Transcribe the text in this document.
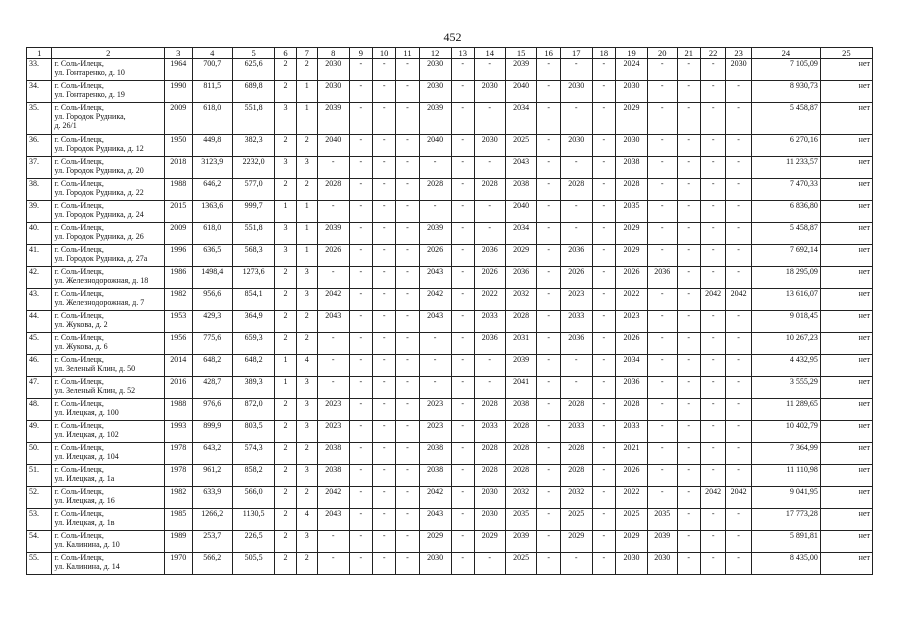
452
1	2	3	4	5	6	7	8	9	10	11	12	13	14	15	16	17	18	19	20	21	22	23	24	25
33.	г. Соль-Илецк,
ул. Гонтаренко, д. 10	1964	700,7	625,6	2	2	2030	-	-	-	2030	-	-	2039	-	-	-	2024	-	-	-	2030	7 105,09	нет
34.	г. Соль-Илецк,
ул. Гонтаренко, д. 19	1990	811,5	689,8	2	1	2030	-	-	-	2030	-	2030	2040	-	2030	-	2030	-	-	-	-	8 930,73	нет
35.	г. Соль-Илецк,
ул. Городок Рудника,
д. 26/1	2009	618,0	551,8	3	1	2039	-	-	-	2039	-	-	2034	-	-	-	2029	-	-	-	-	5 458,87	нет
36.	г. Соль-Илецк,
ул. Городок Рудника, д. 12	1950	449,8	382,3	2	2	2040	-	-	-	2040	-	2030	2025	-	2030	-	2030	-	-	-	-	6 270,16	нет
37.	г. Соль-Илецк,
ул. Городок Рудника, д. 20	2018	3123,9	2232,0	3	3	-	-	-	-	-	-	-	2043	-	-	-	2038	-	-	-	-	11 233,57	нет
38.	г. Соль-Илецк,
ул. Городок Рудника, д. 22	1988	646,2	577,0	2	2	2028	-	-	-	2028	-	2028	2038	-	2028	-	2028	-	-	-	-	7 470,33	нет
39.	г. Соль-Илецк,
ул. Городок Рудника, д. 24	2015	1363,6	999,7	1	1	-	-	-	-	-	-	-	2040	-	-	-	2035	-	-	-	-	6 836,80	нет
40.	г. Соль-Илецк,
ул. Городок Рудника, д. 26	2009	618,0	551,8	3	1	2039	-	-	-	2039	-	-	2034	-	-	-	2029	-	-	-	-	5 458,87	нет
41.	г. Соль-Илецк,
ул. Городок Рудника, д. 27а	1996	636,5	568,3	3	1	2026	-	-	-	2026	-	2036	2029	-	2036	-	2029	-	-	-	-	7 692,14	нет
42.	г. Соль-Илецк,
ул. Железнодорожная, д. 18	1986	1498,4	1273,6	2	3	-	-	-	-	2043	-	2026	2036	-	2026	-	2026	2036	-	-	-	18 295,09	нет
43.	г. Соль-Илецк,
ул. Железнодорожная, д. 7	1982	956,6	854,1	2	3	2042	-	-	-	2042	-	2022	2032	-	2023	-	2022	-	-	2042	2042	13 616,07	нет
44.	г. Соль-Илецк,
ул. Жукова, д. 2	1953	429,3	364,9	2	2	2043	-	-	-	2043	-	2033	2028	-	2033	-	2023	-	-	-	-	9 018,45	нет
45.	г. Соль-Илецк,
ул. Жукова, д. 6	1956	775,6	659,3	2	2	-	-	-	-	-	-	2036	2031	-	2036	-	2026	-	-	-	-	10 267,23	нет
46.	г. Соль-Илецк,
ул. Зеленый Клин, д. 50	2014	648,2	648,2	1	4	-	-	-	-	-	-	-	2039	-	-	-	2034	-	-	-	-	4 432,95	нет
47.	г. Соль-Илецк,
ул. Зеленый Клин, д. 52	2016	428,7	389,3	1	3	-	-	-	-	-	-	-	2041	-	-	-	2036	-	-	-	-	3 555,29	нет
48.	г. Соль-Илецк,
ул. Илецкая, д. 100	1988	976,6	872,0	2	3	2023	-	-	-	2023	-	2028	2038	-	2028	-	2028	-	-	-	-	11 289,65	нет
49.	г. Соль-Илецк,
ул. Илецкая, д. 102	1993	899,9	803,5	2	3	2023	-	-	-	2023	-	2033	2028	-	2033	-	2033	-	-	-	-	10 402,79	нет
50.	г. Соль-Илецк,
ул. Илецкая, д. 104	1978	643,2	574,3	2	2	2038	-	-	-	2038	-	2028	2028	-	2028	-	2021	-	-	-	-	7 364,99	нет
51.	г. Соль-Илецк,
ул. Илецкая, д. 1а	1978	961,2	858,2	2	3	2038	-	-	-	2038	-	2028	2028	-	2028	-	2026	-	-	-	-	11 110,98	нет
52.	г. Соль-Илецк,
ул. Илецкая, д. 16	1982	633,9	566,0	2	2	2042	-	-	-	2042	-	2030	2032	-	2032	-	2022	-	-	2042	2042	9 041,95	нет
53.	г. Соль-Илецк,
ул. Илецкая, д. 1в	1985	1266,2	1130,5	2	4	2043	-	-	-	2043	-	2030	2035	-	2025	-	2025	2035	-	-	-	17 773,28	нет
54.	г. Соль-Илецк,
ул. Калинина, д. 10	1989	253,7	226,5	2	3	-	-	-	-	2029	-	2029	2039	-	2029	-	2029	2039	-	-	-	5 891,81	нет
55.	г. Соль-Илецк,
ул. Калинина, д. 14	1970	566,2	505,5	2	2	-	-	-	-	2030	-	-	2025	-	-	-	2030	2030	-	-	-	8 435,00	нет
